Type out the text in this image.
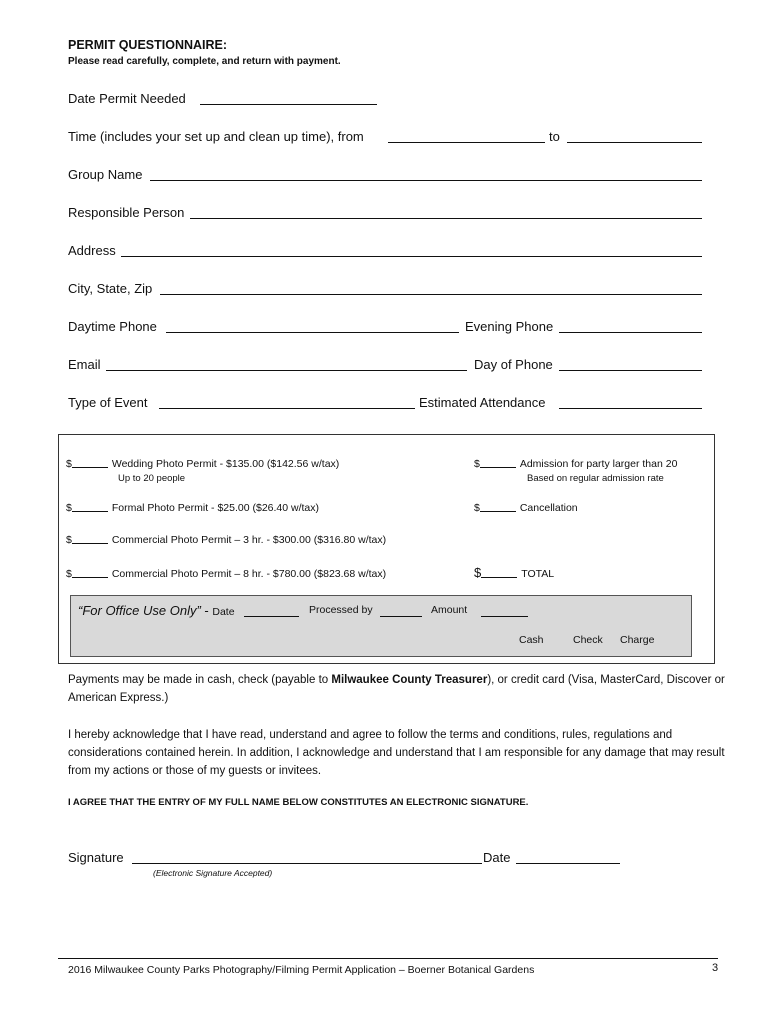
PERMIT QUESTIONNAIRE:
Please read carefully, complete, and return with payment.
Date Permit Needed
Time (includes your set up and clean up time), from	to
Group Name
Responsible Person
Address
City, State, Zip
Daytime Phone	Evening Phone
Email	Day of Phone
Type of Event	Estimated Attendance
$	Wedding Photo Permit - $135.00 ($142.56 w/tax)
Up to 20 people
$	Admission for party larger than 20
Based on regular admission rate
$	Formal Photo Permit - $25.00 ($26.40 w/tax)	$	Cancellation
$	Commercial Photo Permit – 3 hr. - $300.00 ($316.80 w/tax)
$	Commercial Photo Permit – 8 hr. - $780.00 ($823.68 w/tax)	$	TOTAL
“For Office Use Only” - Date	Processed by	Amount
Cash	Check Charge
Payments may be made in cash, check (payable to Milwaukee County Treasurer), or credit card (Visa, MasterCard, Discover or American Express.)
I hereby acknowledge that I have read, understand and agree to follow the terms and conditions, rules, regulations and considerations contained herein. In addition, I acknowledge and understand that I am responsible for any damage that may result from my actions or those of my guests or invitees.
I AGREE THAT THE ENTRY OF MY FULL NAME BELOW CONSTITUTES AN ELECTRONIC SIGNATURE.
Signature
(Electronic Signature Accepted)
Date
2016 Milwaukee County Parks Photography/Filming Permit Application – Boerner Botanical Gardens	3
